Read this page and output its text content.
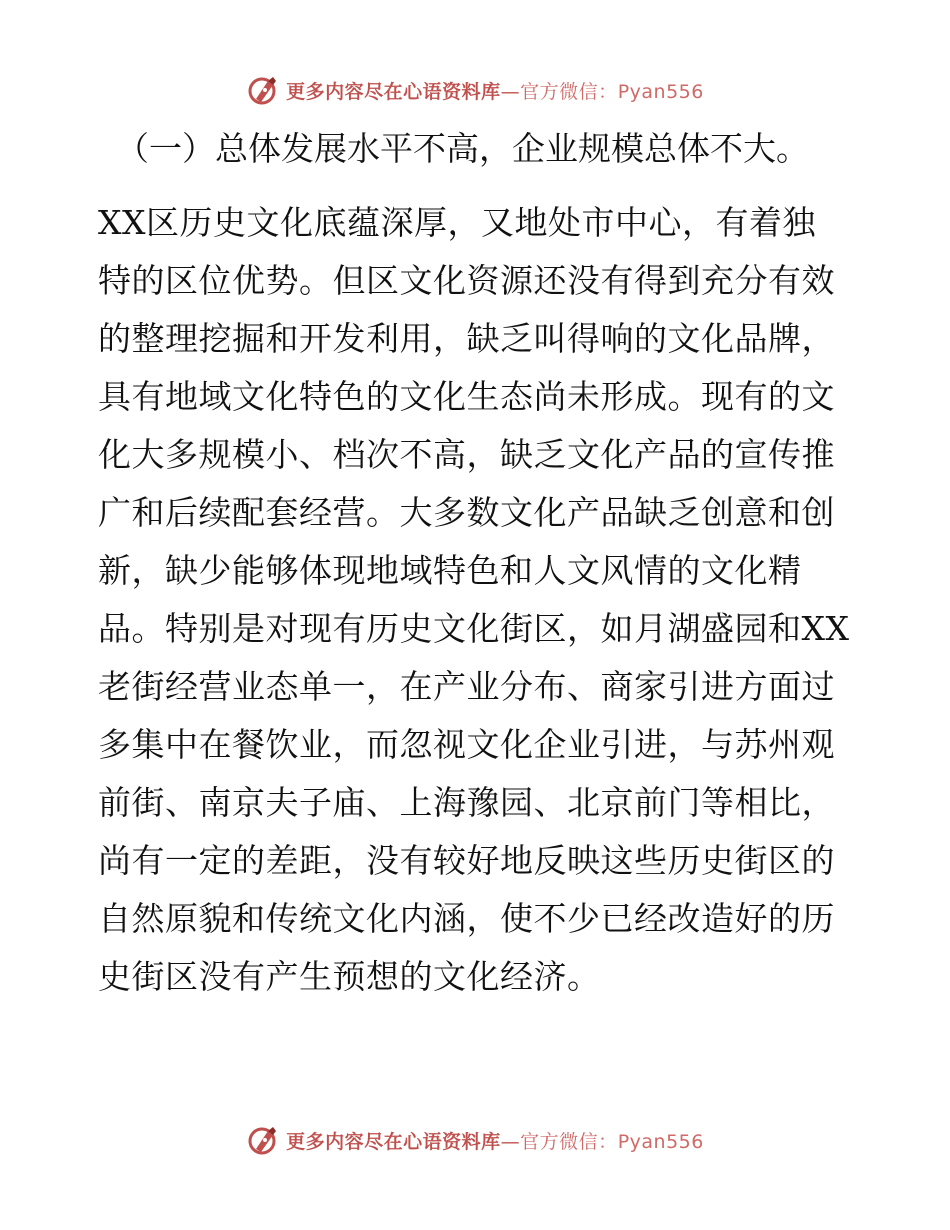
更多内容尽在心语资料库—官方微信：Pyan556
（一）总体发展水平不高，企业规模总体不大。
XX区历史文化底蕴深厚，又地处市中心，有着独
特的区位优势。但区文化资源还没有得到充分有效
的整理挖掘和开发利用，缺乏叫得响的文化品牌，
具有地域文化特色的文化生态尚未形成。现有的文
化大多规模小、档次不高，缺乏文化产品的宣传推
广和后续配套经营。大多数文化产品缺乏创意和创
新，缺少能够体现地域特色和人文风情的文化精
品。特别是对现有历史文化街区，如月湖盛园和XX
老街经营业态单一，在产业分布、商家引进方面过
多集中在餐饮业，而忽视文化企业引进，与苏州观
前街、南京夫子庙、上海豫园、北京前门等相比，
尚有一定的差距，没有较好地反映这些历史街区的
自然原貌和传统文化内涵，使不少已经改造好的历
史街区没有产生预想的文化经济。
更多内容尽在心语资料库—官方微信：Pyan556
